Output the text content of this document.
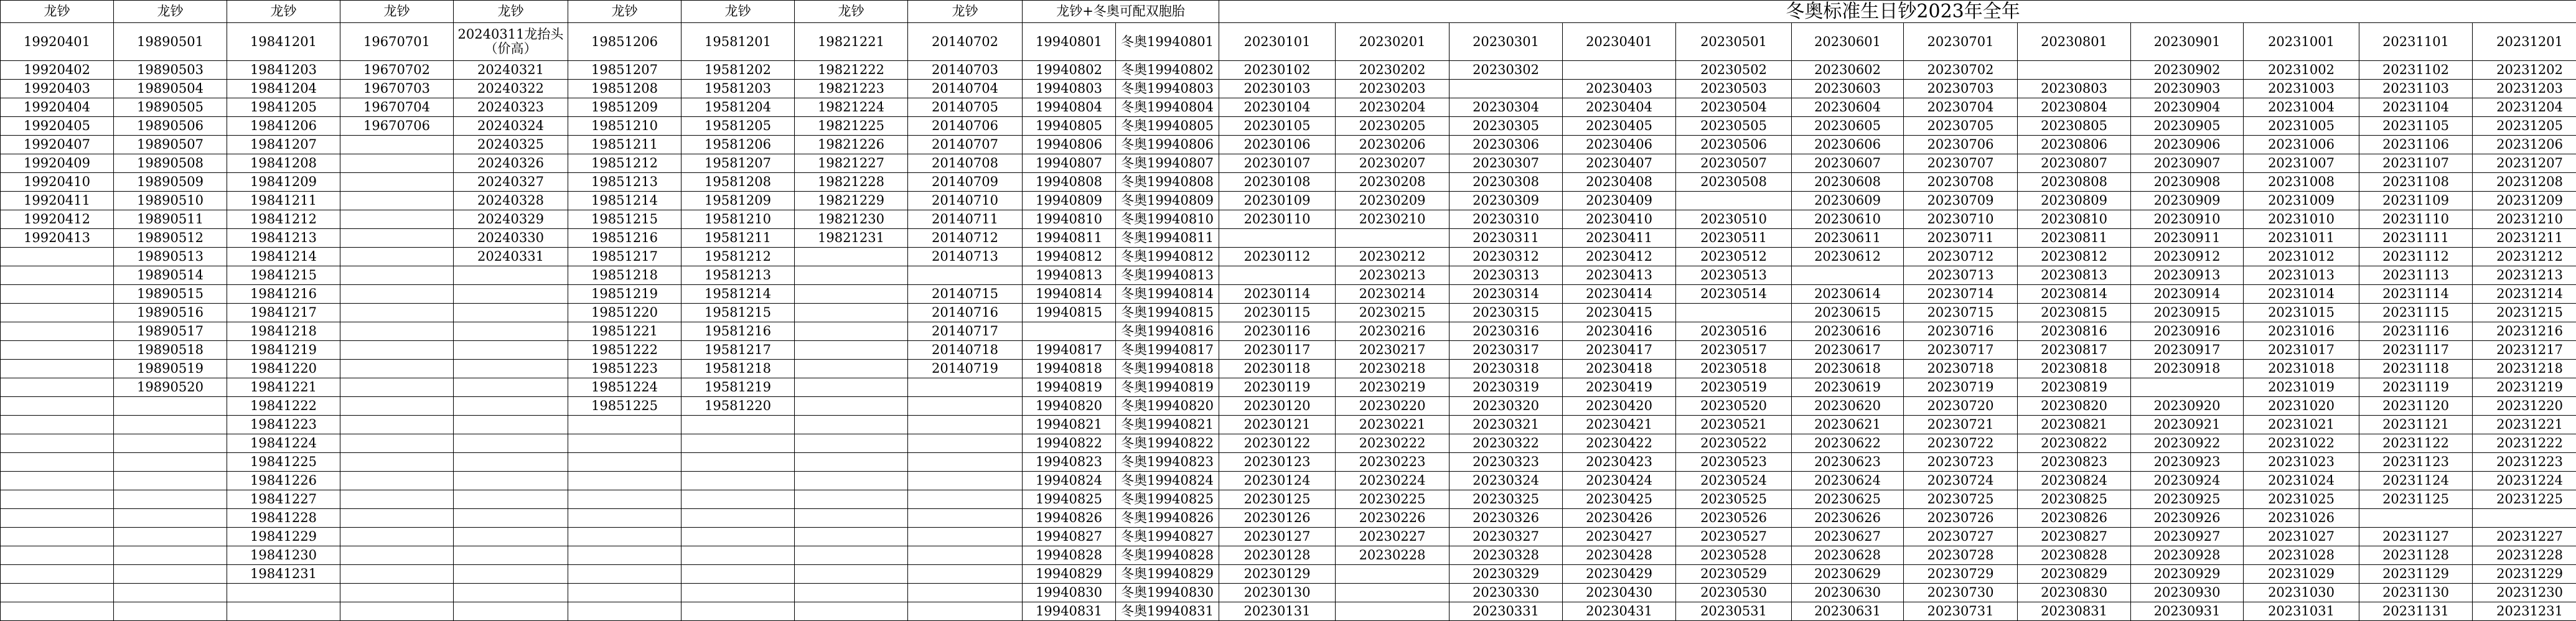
龙钞	龙钞	龙钞	龙钞	龙钞	龙钞	龙钞	龙钞	龙钞	龙钞+冬奥可配双胞胎		冬奥标准生日钞2023年全年											
19920401	19890501	19841201	19670701	20240311龙抬头（价高）	19851206	19581201	19821221	20140702	19940801	冬奥19940801	20230101	20230201	20230301	20230401	20230501	20230601	20230701	20230801	20230901	20231001	20231101	20231201
19920402	19890503	19841203	19670702	20240321	19851207	19581202	19821222	20140703	19940802	冬奥19940802	20230102	20230202	20230302		20230502	20230602	20230702		20230902	20231002	20231102	20231202
19920403	19890504	19841204	19670703	20240322	19851208	19581203	19821223	20140704	19940803	冬奥19940803	20230103	20230203		20230403	20230503	20230603	20230703	20230803	20230903	20231003	20231103	20231203
19920404	19890505	19841205	19670704	20240323	19851209	19581204	19821224	20140705	19940804	冬奥19940804	20230104	20230204	20230304	20230404	20230504	20230604	20230704	20230804	20230904	20231004	20231104	20231204
19920405	19890506	19841206	19670706	20240324	19851210	19581205	19821225	20140706	19940805	冬奥19940805	20230105	20230205	20230305	20230405	20230505	20230605	20230705	20230805	20230905	20231005	20231105	20231205
19920407	19890507	19841207		20240325	19851211	19581206	19821226	20140707	19940806	冬奥19940806	20230106	20230206	20230306	20230406	20230506	20230606	20230706	20230806	20230906	20231006	20231106	20231206
19920409	19890508	19841208		20240326	19851212	19581207	19821227	20140708	19940807	冬奥19940807	20230107	20230207	20230307	20230407	20230507	20230607	20230707	20230807	20230907	20231007	20231107	20231207
19920410	19890509	19841209		20240327	19851213	19581208	19821228	20140709	19940808	冬奥19940808	20230108	20230208	20230308	20230408	20230508	20230608	20230708	20230808	20230908	20231008	20231108	20231208
19920411	19890510	19841211		20240328	19851214	19581209	19821229	20140710	19940809	冬奥19940809	20230109	20230209	20230309	20230409		20230609	20230709	20230809	20230909	20231009	20231109	20231209
19920412	19890511	19841212		20240329	19851215	19581210	19821230	20140711	19940810	冬奥19940810	20230110	20230210	20230310	20230410	20230510	20230610	20230710	20230810	20230910	20231010	20231110	20231210
19920413	19890512	19841213		20240330	19851216	19581211	19821231	20140712	19940811	冬奥19940811			20230311	20230411	20230511	20230611	20230711	20230811	20230911	20231011	20231111	20231211
	19890513	19841214		20240331	19851217	19581212		20140713	19940812	冬奥19940812	20230112	20230212	20230312	20230412	20230512	20230612	20230712	20230812	20230912	20231012	20231112	20231212
	19890514	19841215			19851218	19581213			19940813	冬奥19940813		20230213	20230313	20230413	20230513		20230713	20230813	20230913	20231013	20231113	20231213
	19890515	19841216			19851219	19581214		20140715	19940814	冬奥19940814	20230114	20230214	20230314	20230414	20230514	20230614	20230714	20230814	20230914	20231014	20231114	20231214
	19890516	19841217			19851220	19581215		20140716	19940815	冬奥19940815	20230115	20230215	20230315	20230415		20230615	20230715	20230815	20230915	20231015	20231115	20231215
	19890517	19841218			19851221	19581216		20140717		冬奥19940816	20230116	20230216	20230316	20230416	20230516	20230616	20230716	20230816	20230916	20231016	20231116	20231216
	19890518	19841219			19851222	19581217		20140718	19940817	冬奥19940817	20230117	20230217	20230317	20230417	20230517	20230617	20230717	20230817	20230917	20231017	20231117	20231217
	19890519	19841220			19851223	19581218		20140719	19940818	冬奥19940818	20230118	20230218	20230318	20230418	20230518	20230618	20230718	20230818	20230918	20231018	20231118	20231218
	19890520	19841221			19851224	19581219			19940819	冬奥19940819	20230119	20230219	20230319	20230419	20230519	20230619	20230719	20230819		20231019	20231119	20231219
		19841222			19851225	19581220			19940820	冬奥19940820	20230120	20230220	20230320	20230420	20230520	20230620	20230720	20230820	20230920	20231020	20231120	20231220
		19841223							19940821	冬奥19940821	20230121	20230221	20230321	20230421	20230521	20230621	20230721	20230821	20230921	20231021	20231121	20231221
		19841224							19940822	冬奥19940822	20230122	20230222	20230322	20230422	20230522	20230622	20230722	20230822	20230922	20231022	20231122	20231222
		19841225							19940823	冬奥19940823	20230123	20230223	20230323	20230423	20230523	20230623	20230723	20230823	20230923	20231023	20231123	20231223
		19841226							19940824	冬奥19940824	20230124	20230224	20230324	20230424	20230524	20230624	20230724	20230824	20230924	20231024	20231124	20231224
		19841227							19940825	冬奥19940825	20230125	20230225	20230325	20230425	20230525	20230625	20230725	20230825	20230925	20231025	20231125	20231225
		19841228							19940826	冬奥19940826	20230126	20230226	20230326	20230426	20230526	20230626	20230726	20230826	20230926	20231026		
		19841229							19940827	冬奥19940827	20230127	20230227	20230327	20230427	20230527	20230627	20230727	20230827	20230927	20231027	20231127	20231227
		19841230							19940828	冬奥19940828	20230128	20230228	20230328	20230428	20230528	20230628	20230728	20230828	20230928	20231028	20231128	20231228
		19841231							19940829	冬奥19940829	20230129		20230329	20230429	20230529	20230629	20230729	20230829	20230929	20231029	20231129	20231229
									19940830	冬奥19940830	20230130		20230330	20230430	20230530	20230630	20230730	20230830	20230930	20231030	20231130	20231230
									19940831	冬奥19940831	20230131		20230331	20230431	20230531	20230631	20230731	20230831	20230931	20231031	20231131	20231231
